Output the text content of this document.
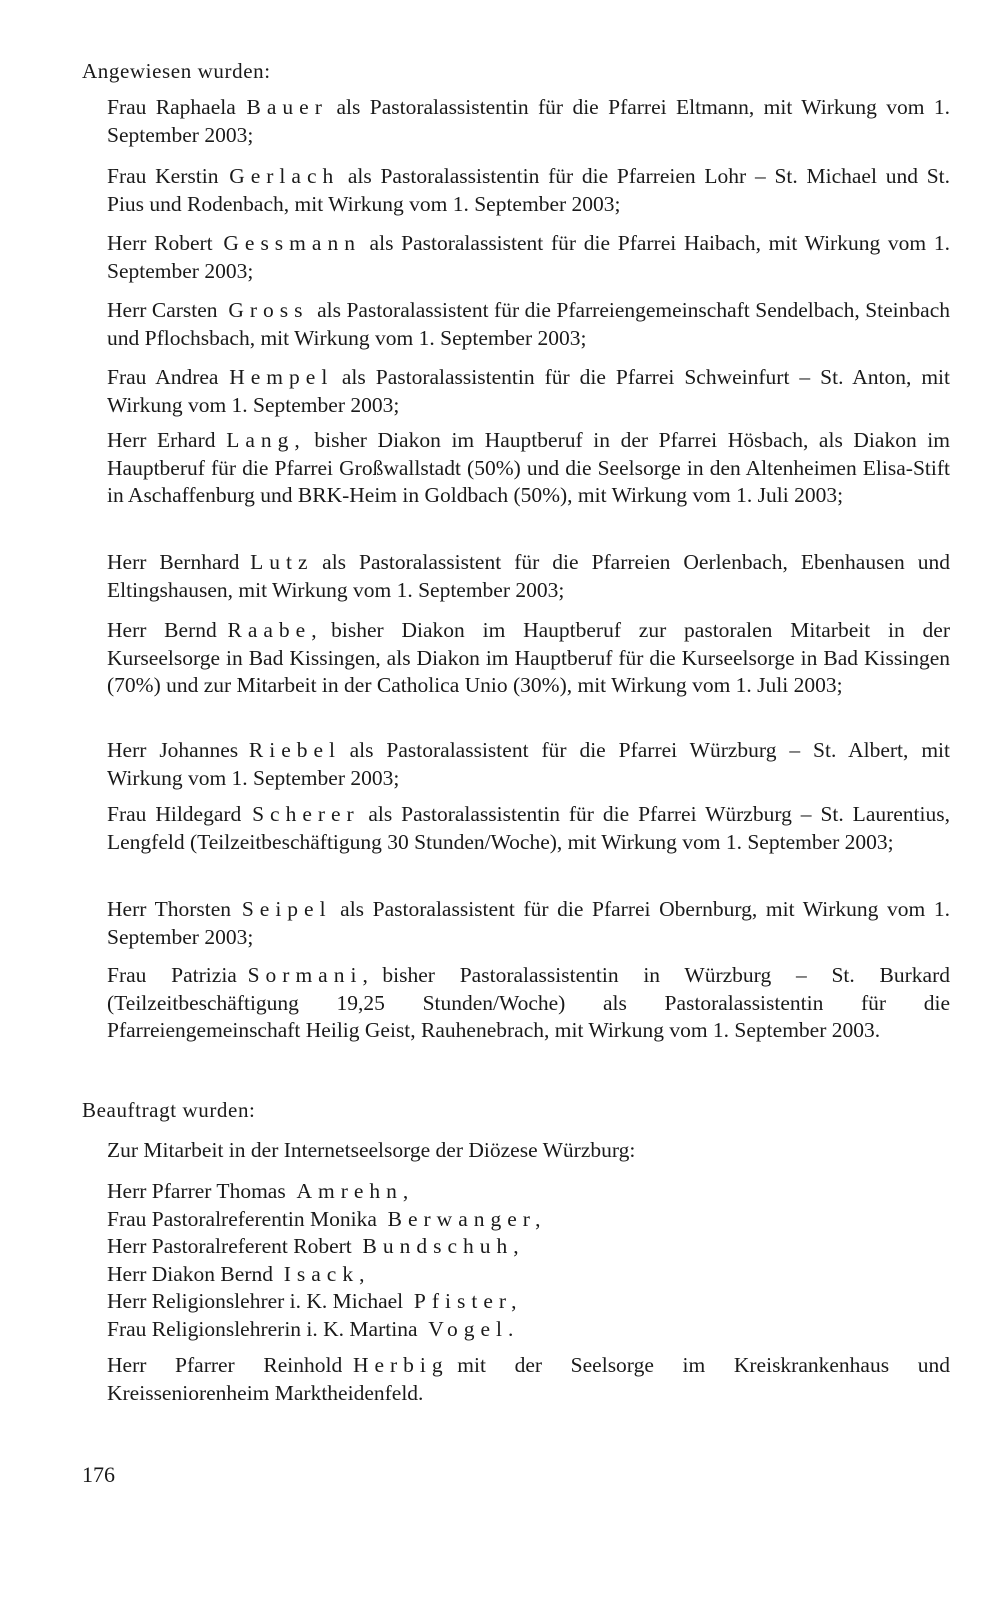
Angewiesen wurden:

Frau Raphaela Bauer als Pastoralassistentin für die Pfarrei Eltmann, mit Wirkung vom 1. September 2003;

Frau Kerstin Gerlach als Pastoralassistentin für die Pfarreien Lohr – St. Michael und St. Pius und Rodenbach, mit Wirkung vom 1. September 2003;

Herr Robert Gessmann als Pastoralassistent für die Pfarrei Haibach, mit Wirkung vom 1. September 2003;

Herr Carsten Gross als Pastoralassistent für die Pfarreiengemeinschaft Sendelbach, Steinbach und Pflochsbach, mit Wirkung vom 1. September 2003;

Frau Andrea Hempel als Pastoralassistentin für die Pfarrei Schweinfurt – St. Anton, mit Wirkung vom 1. September 2003;

Herr Erhard Lang, bisher Diakon im Hauptberuf in der Pfarrei Hösbach, als Diakon im Hauptberuf für die Pfarrei Großwallstadt (50%) und die Seelsorge in den Altenheimen Elisa-Stift in Aschaffenburg und BRK-Heim in Goldbach (50%), mit Wirkung vom 1. Juli 2003;

Herr Bernhard Lutz als Pastoralassistent für die Pfarreien Oerlenbach, Ebenhausen und Eltingshausen, mit Wirkung vom 1. September 2003;

Herr Bernd Raabe, bisher Diakon im Hauptberuf zur pastoralen Mitarbeit in der Kurseelsorge in Bad Kissingen, als Diakon im Hauptberuf für die Kurseelsorge in Bad Kissingen (70%) und zur Mitarbeit in der Catholica Unio (30%), mit Wirkung vom 1. Juli 2003;

Herr Johannes Riebel als Pastoralassistent für die Pfarrei Würzburg – St. Albert, mit Wirkung vom 1. September 2003;

Frau Hildegard Scherer als Pastoralassistentin für die Pfarrei Würzburg – St. Laurentius, Lengfeld (Teilzeitbeschäftigung 30 Stunden/Woche), mit Wirkung vom 1. September 2003;

Herr Thorsten Seipel als Pastoralassistent für die Pfarrei Obernburg, mit Wirkung vom 1. September 2003;

Frau Patrizia Sormani, bisher Pastoralassistentin in Würzburg – St. Burkard (Teilzeitbeschäftigung 19,25 Stunden/Woche) als Pastoralassistentin für die Pfarreiengemeinschaft Heilig Geist, Rauhenebrach, mit Wirkung vom 1. September 2003.

Beauftragt wurden:

Zur Mitarbeit in der Internetseelsorge der Diözese Würzburg:

Herr Pfarrer Thomas Amrehn,
Frau Pastoralreferentin Monika Berwanger,
Herr Pastoralreferent Robert Bundschuh,
Herr Diakon Bernd Isack,
Herr Religionslehrer i. K. Michael Pfister,
Frau Religionslehrerin i. K. Martina Vogel.

Herr Pfarrer Reinhold Herbig mit der Seelsorge im Kreiskrankenhaus und Kreisseniorenheim Marktheidenfeld.

176
